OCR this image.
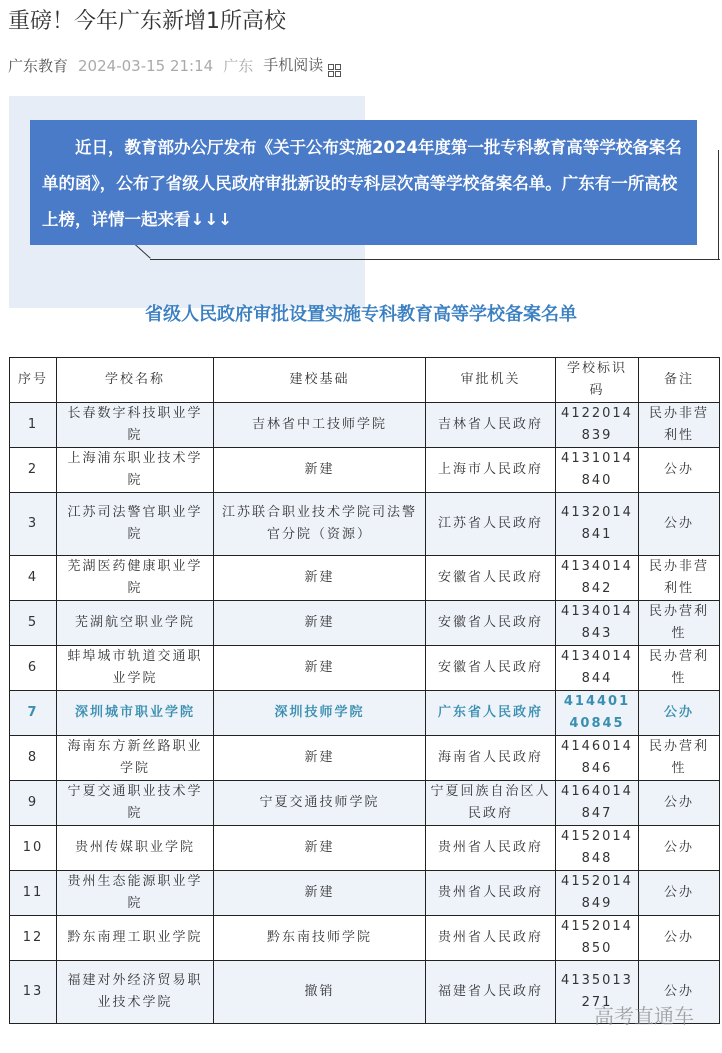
重磅！今年广东新增1所高校
广东教育 2024-03-15 21:14 广东 手机阅读
近日，教育部办公厅发布《关于公布实施2024年度第一批专科教育高等学校备案名单的函》，公布了省级人民政府审批新设的专科层次高等学校备案名单。广东有一所高校上榜，详情一起来看↓↓↓
省级人民政府审批设置实施专科教育高等学校备案名单
序号	学校名称	建校基础	审批机关	学校标识码	备注
1	长春数字科技职业学院	吉林省中工技师学院	吉林省人民政府	4122014839	民办非营利性
2	上海浦东职业技术学院	新建	上海市人民政府	4131014840	公办
3	江苏司法警官职业学院	江苏联合职业技术学院司法警官分院（资源）	江苏省人民政府	4132014841	公办
4	芜湖医药健康职业学院	新建	安徽省人民政府	4134014842	民办非营利性
5	芜湖航空职业学院	新建	安徽省人民政府	4134014843	民办营利性
6	蚌埠城市轨道交通职业学院	新建	安徽省人民政府	4134014844	民办营利性
7	深圳城市职业学院	深圳技师学院	广东省人民政府	41440140845	公办
8	海南东方新丝路职业学院	新建	海南省人民政府	4146014846	民办营利性
9	宁夏交通职业技术学院	宁夏交通技师学院	宁夏回族自治区人民政府	4164014847	公办
10	贵州传媒职业学院	新建	贵州省人民政府	4152014848	公办
11	贵州生态能源职业学院	新建	贵州省人民政府	4152014849	公办
12	黔东南理工职业学院	黔东南技师学院	贵州省人民政府	4152014850	公办
13	福建对外经济贸易职业技术学院	撤销	福建省人民政府	4135013271	公办
高考直通车
